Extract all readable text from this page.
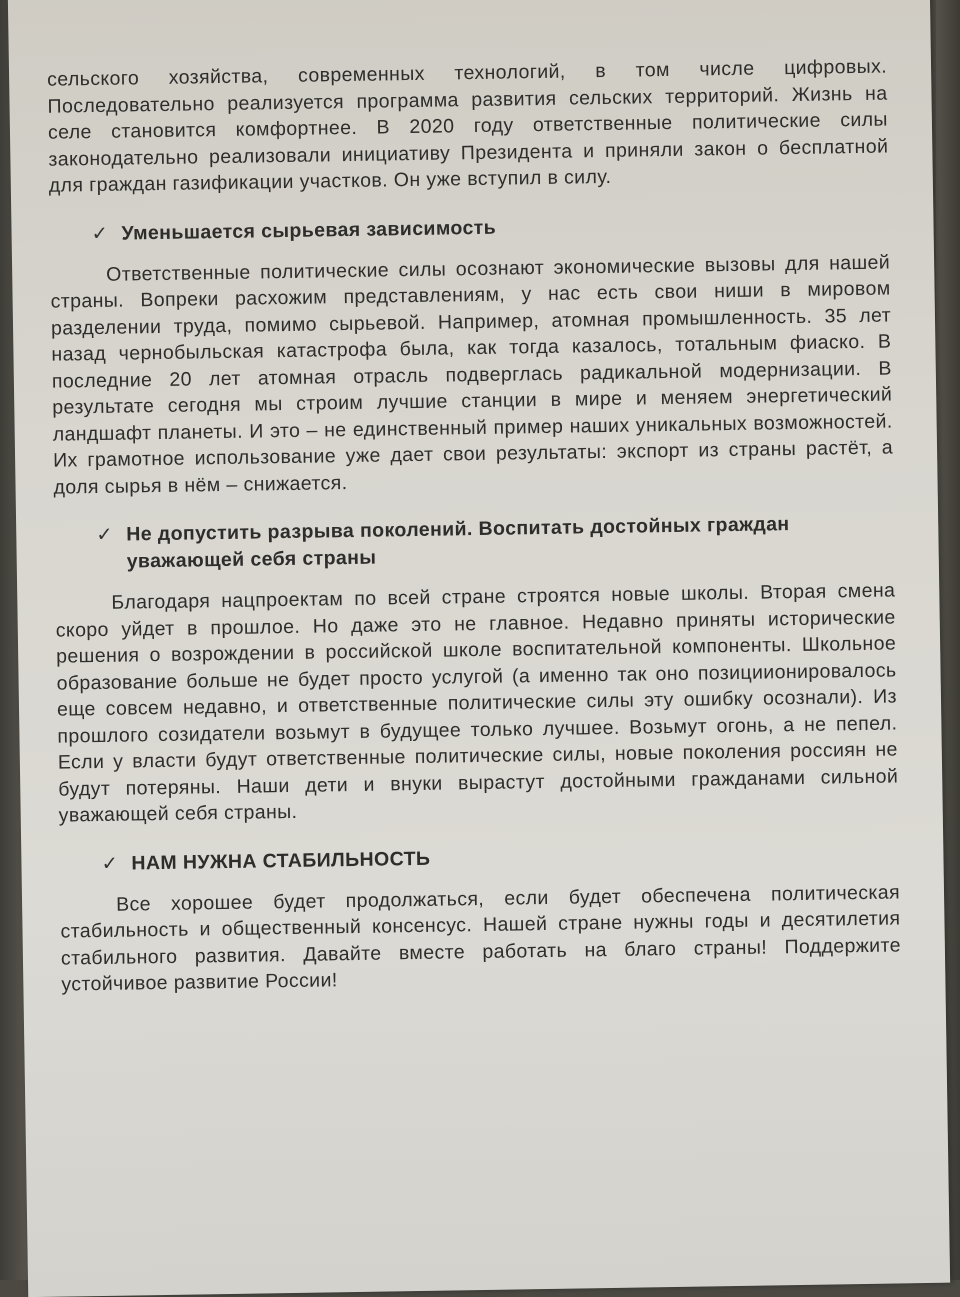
сельского хозяйства, современных технологий, в том числе цифровых. Последовательно реализуется программа развития сельских территорий. Жизнь на селе становится комфортнее. В 2020 году ответственные политические силы законодательно реализовали инициативу Президента и приняли закон о бесплатной для граждан газификации участков. Он уже вступил в силу.

✓ Уменьшается сырьевая зависимость

Ответственные политические силы осознают экономические вызовы для нашей страны. Вопреки расхожим представлениям, у нас есть свои ниши в мировом разделении труда, помимо сырьевой. Например, атомная промышленность. 35 лет назад чернобыльская катастрофа была, как тогда казалось, тотальным фиаско. В последние 20 лет атомная отрасль подверглась радикальной модернизации. В результате сегодня мы строим лучшие станции в мире и меняем энергетический ландшафт планеты. И это – не единственный пример наших уникальных возможностей. Их грамотное использование уже дает свои результаты: экспорт из страны растёт, а доля сырья в нём – снижается.

✓ Не допустить разрыва поколений. Воспитать достойных граждан уважающей себя страны

Благодаря нацпроектам по всей стране строятся новые школы. Вторая смена скоро уйдет в прошлое. Но даже это не главное. Недавно приняты исторические решения о возрождении в российской школе воспитательной компоненты. Школьное образование больше не будет просто услугой (а именно так оно позициионировалось еще совсем недавно, и ответственные политические силы эту ошибку осознали). Из прошлого созидатели возьмут в будущее только лучшее. Возьмут огонь, а не пепел. Если у власти будут ответственные политические силы, новые поколения россиян не будут потеряны. Наши дети и внуки вырастут достойными гражданами сильной уважающей себя страны.

✓ НАМ НУЖНА СТАБИЛЬНОСТЬ

Все хорошее будет продолжаться, если будет обеспечена политическая стабильность и общественный консенсус. Нашей стране нужны годы и десятилетия стабильного развития. Давайте вместе работать на благо страны! Поддержите устойчивое развитие России!
